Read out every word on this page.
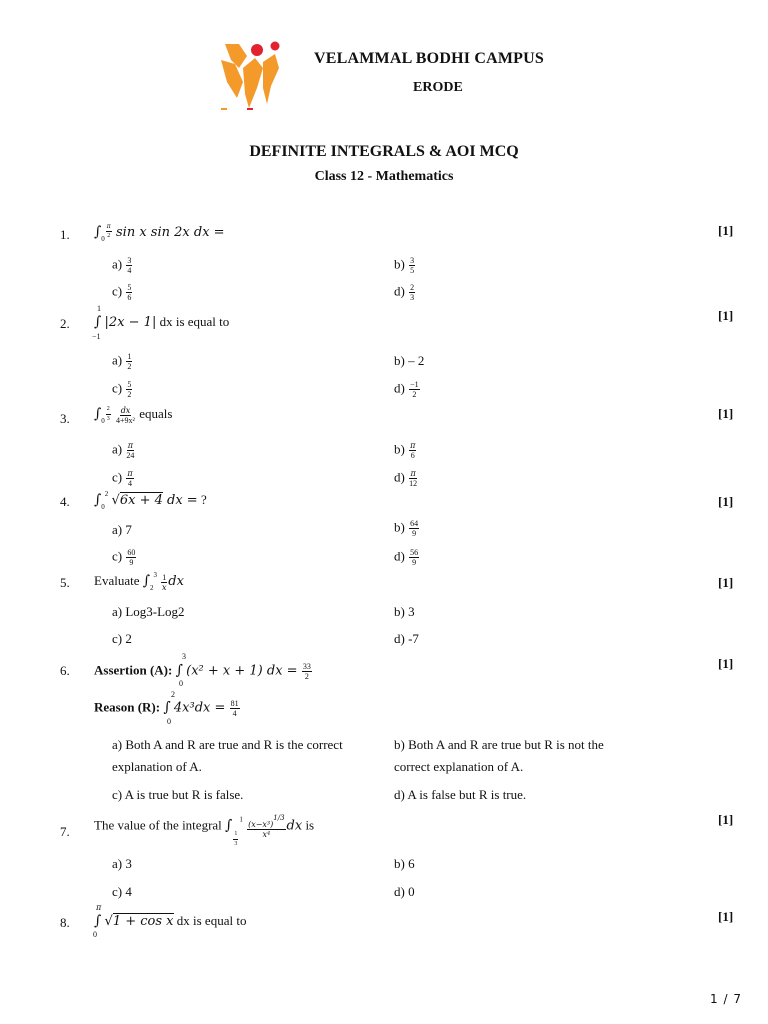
VELAMMAL BODHI CAMPUS
ERODE
DEFINITE INTEGRALS & AOI MCQ
Class 12 - Mathematics
1. $\int_0 \frac{\pi}{2}$ sin x sin 2x dx =	[1]
$a) \frac{3}{4}$	$b) \frac{3}{5}$
$c) \frac{5}{6}$	$d) \frac{2}{3}$
2.
1
∫ |2x − 1| dx is equal to
−1
[1]
$a) \frac{1}{2}$	b) – 2
$c) \frac{5}{2}$	$d) \frac{-1}{2}$
3. $\int_0 \frac{2}{3}$
$\frac{dx}{\text{4+9x²}}$ equals	[1]
$a) \frac{\pi}{24}$	$b) \frac{\pi}{6}$
$c) \frac{\pi}{4}$	$d) \frac{\pi}{12}$
4. $\int_0^2$ √6x + 4 dx = ?	[1]
a) 7	$b) \frac{64}{9}$
$c) \frac{60}{9}$	$d) \frac{56}{9}$
5. Evaluate $\int_2^3 \frac{1}{x}$ dx	[1]
a) Log3-Log2	b) 3
c) 2	d) -7
6.
3
Assertion (A): ∫ (x² + x + 1) dx = $\frac{33}{2}$
0
2
Reason (R): ∫ $4x^3dx = \frac{81}{4}$
0
[1]
a) Both A and R are true and R is the correct explanation of A.
b) Both A and R are true but R is not the correct explanation of A.
c) A is true but R is false.	d) A is false but R is true.
7. The value of the integral ∫
$\frac{1}{3}$
$^1 \frac{\text{(x−x³)1/3}}{\text{x⁴}}$ dx is	[1]
a) 3	b) 6
c) 4	d) 0
8.
π
∫ √1 + cos x dx is equal to
0
[1]
1 / 7
